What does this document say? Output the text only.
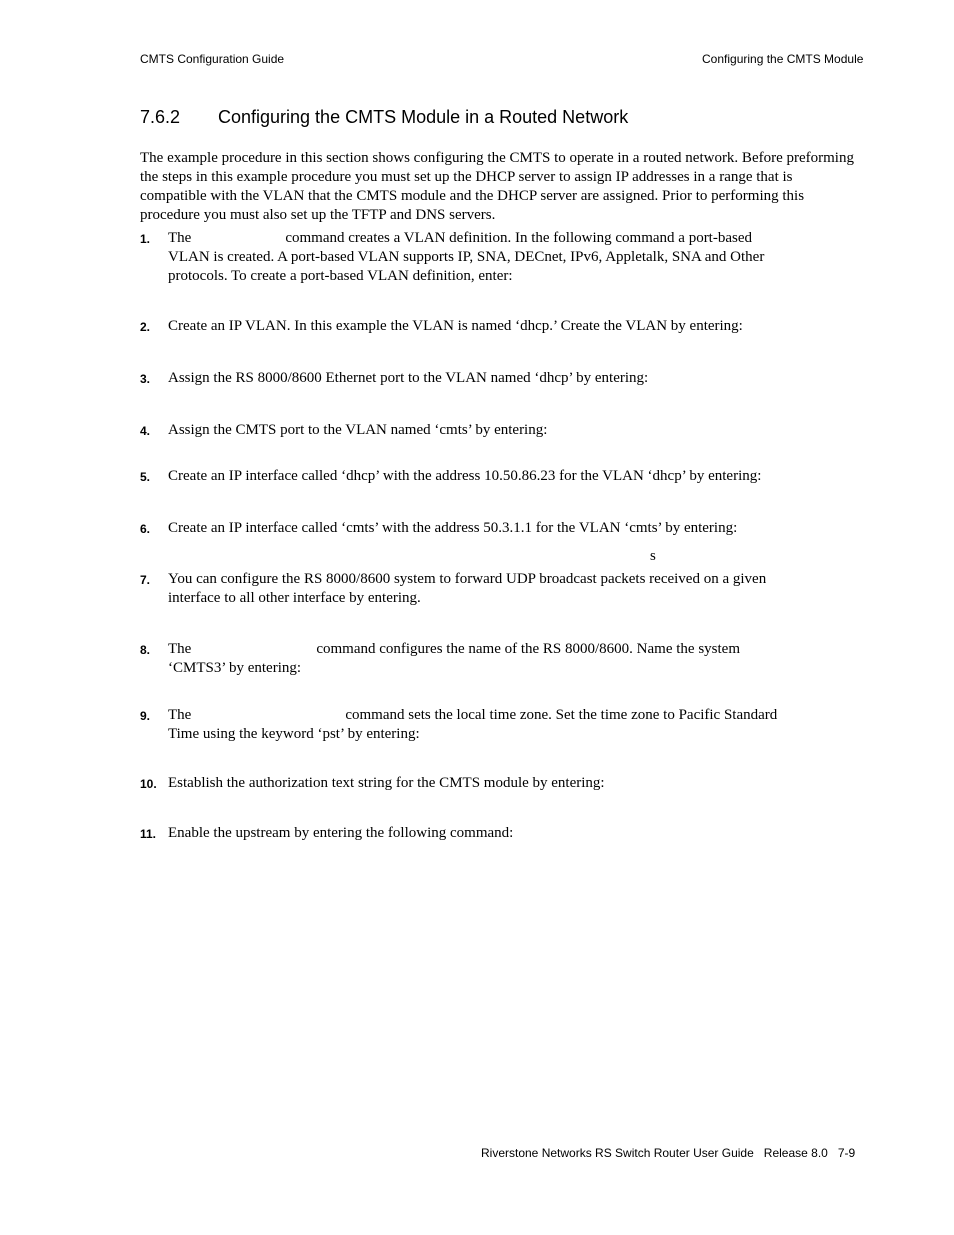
CMTS Configuration Guide	Configuring the CMTS Module
7.6.2 Configuring the CMTS Module in a Routed Network
The example procedure in this section shows configuring the CMTS to operate in a routed network. Before preforming
the steps in this example procedure you must set up the DHCP server to assign IP addresses in a range that is
compatible with the VLAN that the CMTS module and the DHCP server are assigned. Prior to performing this
procedure you must also set up the TFTP and DNS servers.
1. The	command creates a VLAN definition. In the following command a port-based
VLAN is created. A port-based VLAN supports IP, SNA, DECnet, IPv6, Appletalk, SNA and Other
protocols. To create a port-based VLAN definition, enter:
2. Create an IP VLAN. In this example the VLAN is named ‘dhcp.’ Create the VLAN by entering:
3. Assign the RS 8000/8600 Ethernet port to the VLAN named ‘dhcp’ by entering:
4. Assign the CMTS port to the VLAN named ‘cmts’ by entering:
5. Create an IP interface called ‘dhcp’ with the address 10.50.86.23 for the VLAN ‘dhcp’ by entering:
6. Create an IP interface called ‘cmts’ with the address 50.3.1.1 for the VLAN ‘cmts’ by entering:
s
7. You can configure the RS 8000/8600 system to forward UDP broadcast packets received on a given
interface to all other interface by entering.
8. The	command configures the name of the RS 8000/8600. Name the system
‘CMTS3’ by entering:
9. The	command sets the local time zone. Set the time zone to Pacific Standard
Time using the keyword ‘pst’ by entering:
10. Establish the authorization text string for the CMTS module by entering:
11. Enable the upstream by entering the following command:
Riverstone Networks RS Switch Router User Guide Release 8.0 7-9
